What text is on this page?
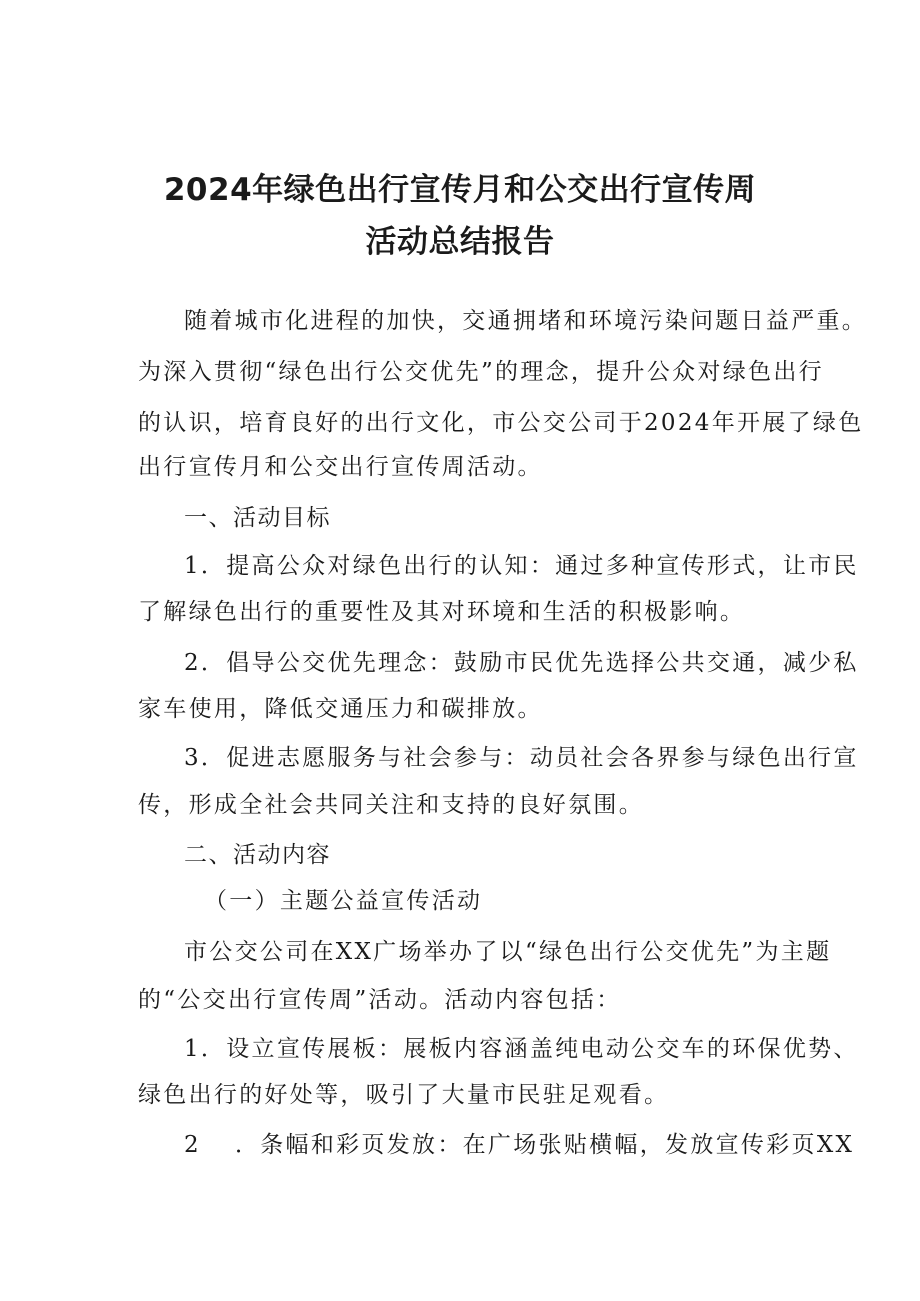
2024年绿色出行宣传月和公交出行宣传周
活动总结报告
随着城市化进程的加快，交通拥堵和环境污染问题日益严重。
为深入贯彻“绿色出行公交优先”的理念，提升公众对绿色出行
的认识，培育良好的出行文化，市公交公司于2024年开展了绿色
出行宣传月和公交出行宣传周活动。
一、活动目标
1．提高公众对绿色出行的认知：通过多种宣传形式，让市民
了解绿色出行的重要性及其对环境和生活的积极影响。
2．倡导公交优先理念：鼓励市民优先选择公共交通，减少私
家车使用，降低交通压力和碳排放。
3．促进志愿服务与社会参与：动员社会各界参与绿色出行宣
传，形成全社会共同关注和支持的良好氛围。
二、活动内容
（一）主题公益宣传活动
市公交公司在XX广场举办了以“绿色出行公交优先”为主题
的“公交出行宣传周”活动。活动内容包括：
1．设立宣传展板：展板内容涵盖纯电动公交车的环保优势、
绿色出行的好处等，吸引了大量市民驻足观看。
2 ．条幅和彩页发放：在广场张贴横幅，发放宣传彩页XX
